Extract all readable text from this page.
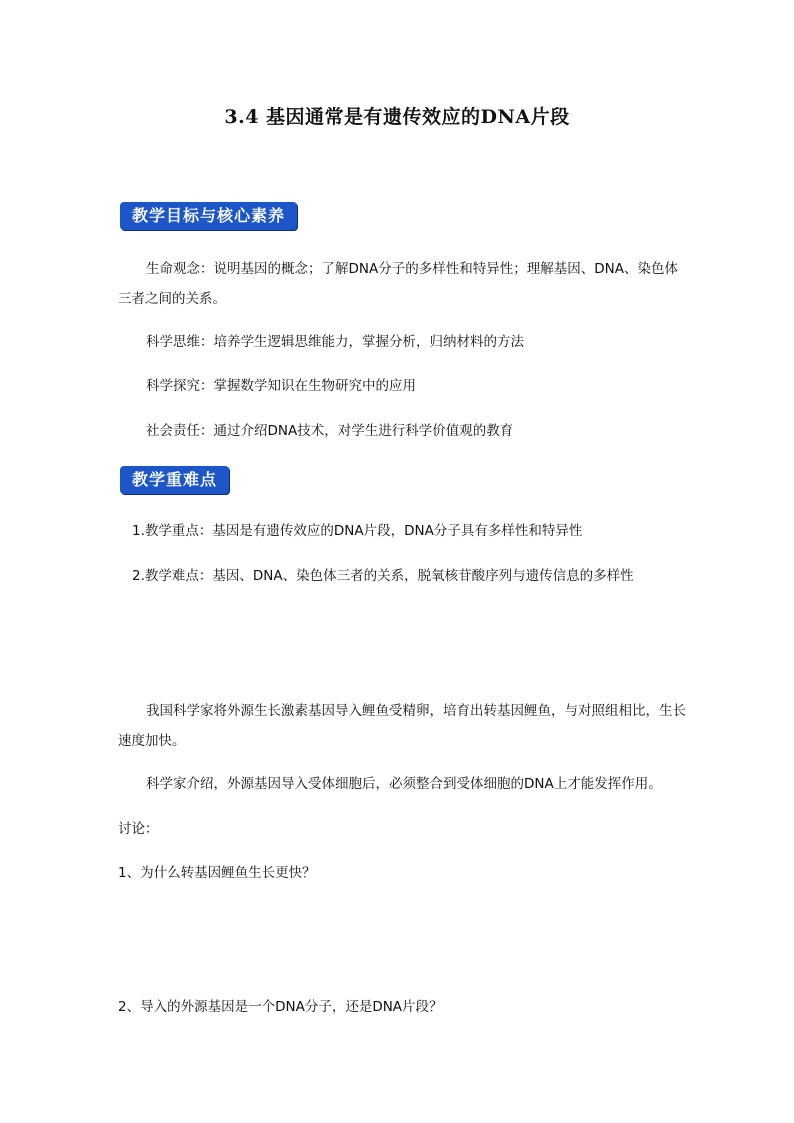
3.4 基因通常是有遗传效应的DNA片段
教学目标与核心素养

生命观念：说明基因的概念；了解DNA分子的多样性和特异性；理解基因、DNA、染色体三者之间的关系。

科学思维：培养学生逻辑思维能力，掌握分析，归纳材料的方法

科学探究：掌握数学知识在生物研究中的应用

社会责任：通过介绍DNA技术，对学生进行科学价值观的教育

教学重难点

1.教学重点：基因是有遗传效应的DNA片段，DNA分子具有多样性和特异性

2.教学难点：基因、DNA、染色体三者的关系，脱氧核苷酸序列与遗传信息的多样性

我国科学家将外源生长激素基因导入鲤鱼受精卵，培育出转基因鲤鱼，与对照组相比，生长速度加快。

科学家介绍，外源基因导入受体细胞后，必须整合到受体细胞的DNA上才能发挥作用。

讨论：

1、为什么转基因鲤鱼生长更快？

2、导入的外源基因是一个DNA分子，还是DNA片段？
